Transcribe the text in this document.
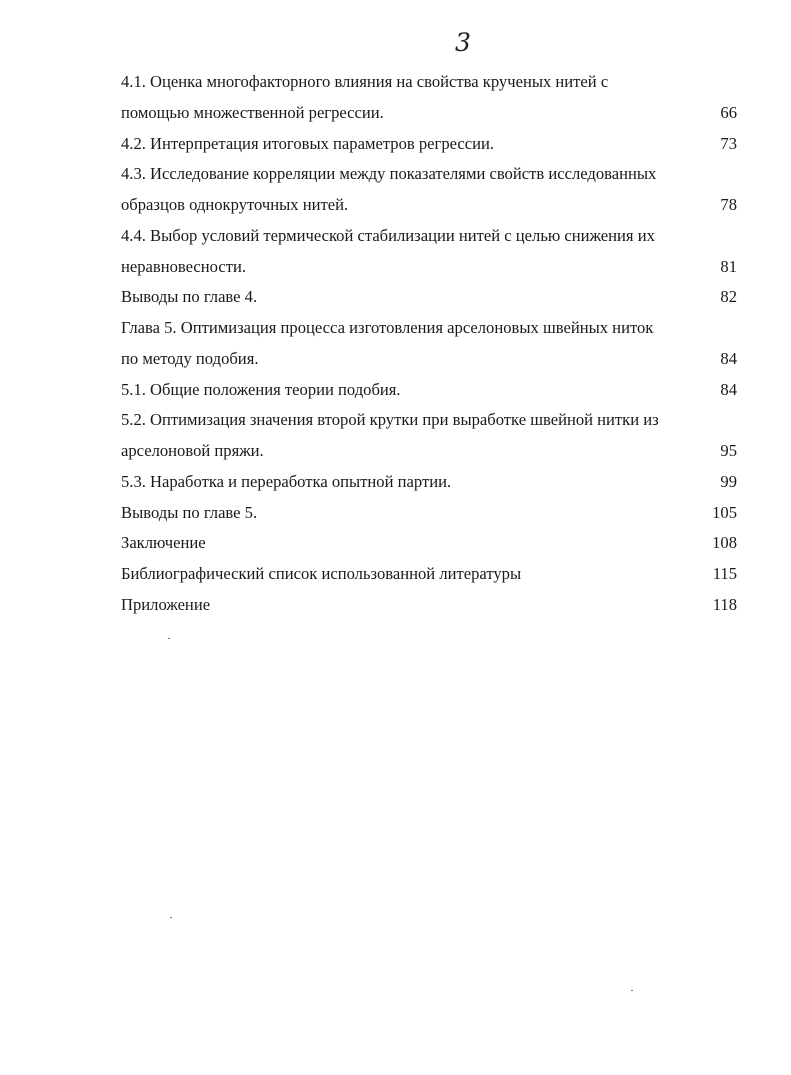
3
4.1. Оценка многофакторного влияния на свойства крученых нитей с
помощью множественной регрессии.	66
4.2. Интерпретация итоговых параметров регрессии.	73
4.3. Исследование корреляции между показателями свойств исследованных
образцов однокруточных нитей.	78
4.4. Выбор условий термической стабилизации нитей с целью снижения их
неравновесности.	81
Выводы по главе 4.	82
Глава 5. Оптимизация процесса изготовления арселоновых швейных ниток
по методу подобия.	84
5.1. Общие положения теории подобия.	84
5.2. Оптимизация значения второй крутки при выработке швейной нитки из
арселоновой пряжи.	95
5.3. Наработка и переработка опытной партии.	99
Выводы по главе 5.	105
Заключение	108
Библиографический список использованной литературы	115
Приложение	118
